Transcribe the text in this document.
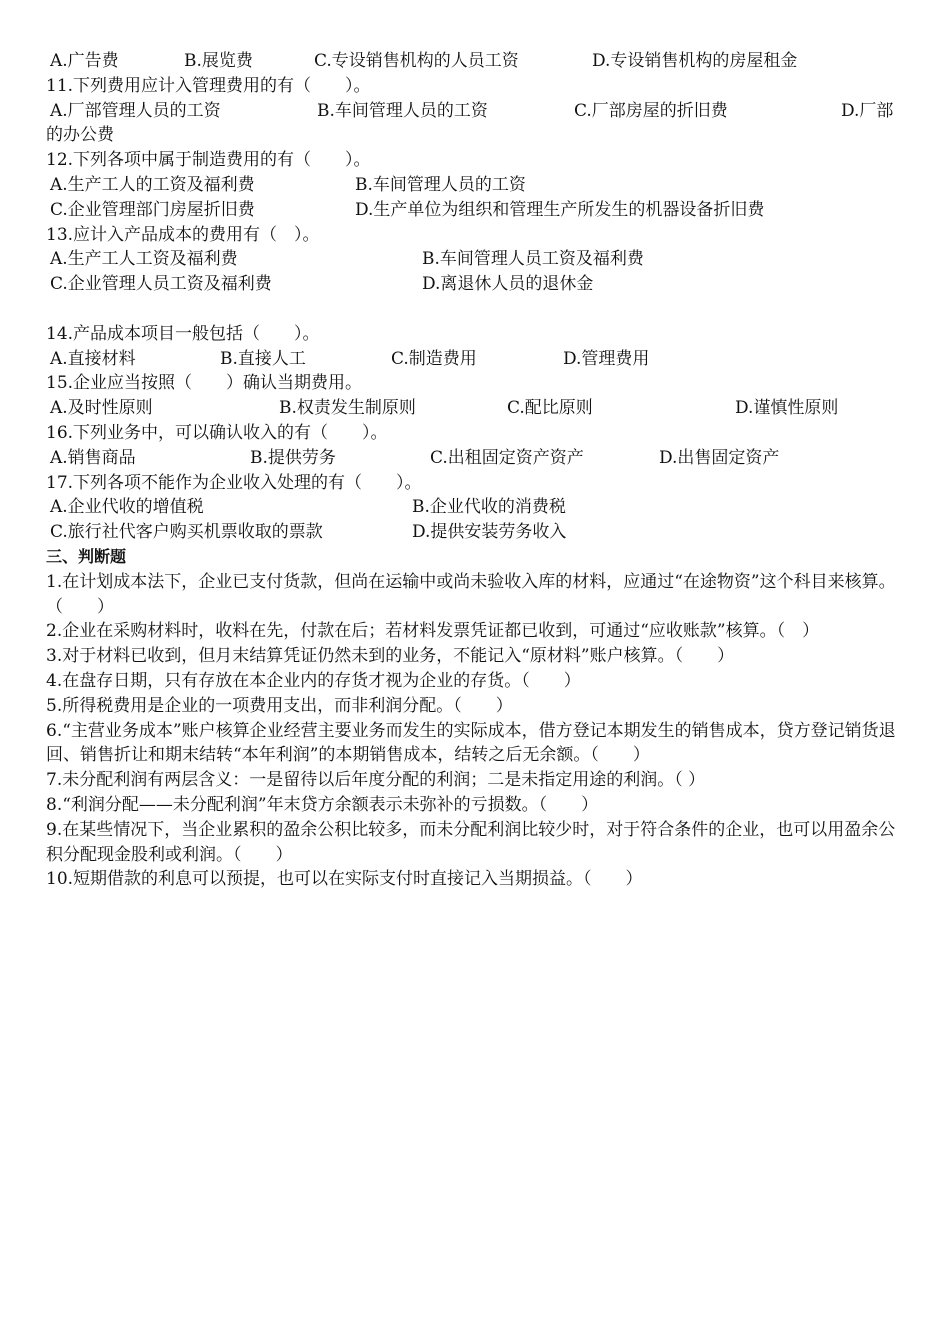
A.广告费	B.展览费	C.专设销售机构的人员工资	D.专设销售机构的房屋租金
11.下列费用应计入管理费用的有（　　）。
A.厂部管理人员的工资	B.车间管理人员的工资	C.厂部房屋的折旧费	D.厂部
的办公费
12.下列各项中属于制造费用的有（　　）。
A.生产工人的工资及福利费	B.车间管理人员的工资
C.企业管理部门房屋折旧费	D.生产单位为组织和管理生产所发生的机器设备折旧费
13.应计入产品成本的费用有（　）。
A.生产工人工资及福利费	B.车间管理人员工资及福利费
C.企业管理人员工资及福利费	D.离退休人员的退休金
14.产品成本项目一般包括（　　）。
A.直接材料	B.直接人工	C.制造费用	D.管理费用
15.企业应当按照（　　）确认当期费用。
A.及时性原则	B.权责发生制原则	C.配比原则	D.谨慎性原则
16.下列业务中，可以确认收入的有（　　）。
A.销售商品	B.提供劳务	C.出租固定资产资产	D.出售固定资产
17.下列各项不能作为企业收入处理的有（　　）。
A.企业代收的增值税	B.企业代收的消费税
C.旅行社代客户购买机票收取的票款	D.提供安装劳务收入
三、判断题
1.在计划成本法下，企业已支付货款，但尚在运输中或尚未验收入库的材料，应通过“在途物资”这个科目来核算。（　　）
2.企业在采购材料时，收料在先，付款在后；若材料发票凭证都已收到，可通过“应收账款”核算。（　）
3.对于材料已收到，但月末结算凭证仍然未到的业务，不能记入“原材料”账户核算。（　　）
4.在盘存日期，只有存放在本企业内的存货才视为企业的存货。（　　）
5.所得税费用是企业的一项费用支出，而非利润分配。（　　）
6.“主营业务成本”账户核算企业经营主要业务而发生的实际成本，借方登记本期发生的销售成本，贷方登记销货退回、销售折让和期末结转“本年利润”的本期销售成本，结转之后无余额。（　　）
7.未分配利润有两层含义：一是留待以后年度分配的利润；二是未指定用途的利润。（ ）
8.“利润分配——未分配利润”年末贷方余额表示未弥补的亏损数。（　　）
9.在某些情况下，当企业累积的盈余公积比较多，而未分配利润比较少时，对于符合条件的企业，也可以用盈余公积分配现金股利或利润。（　　）
10.短期借款的利息可以预提，也可以在实际支付时直接记入当期损益。（　　）
